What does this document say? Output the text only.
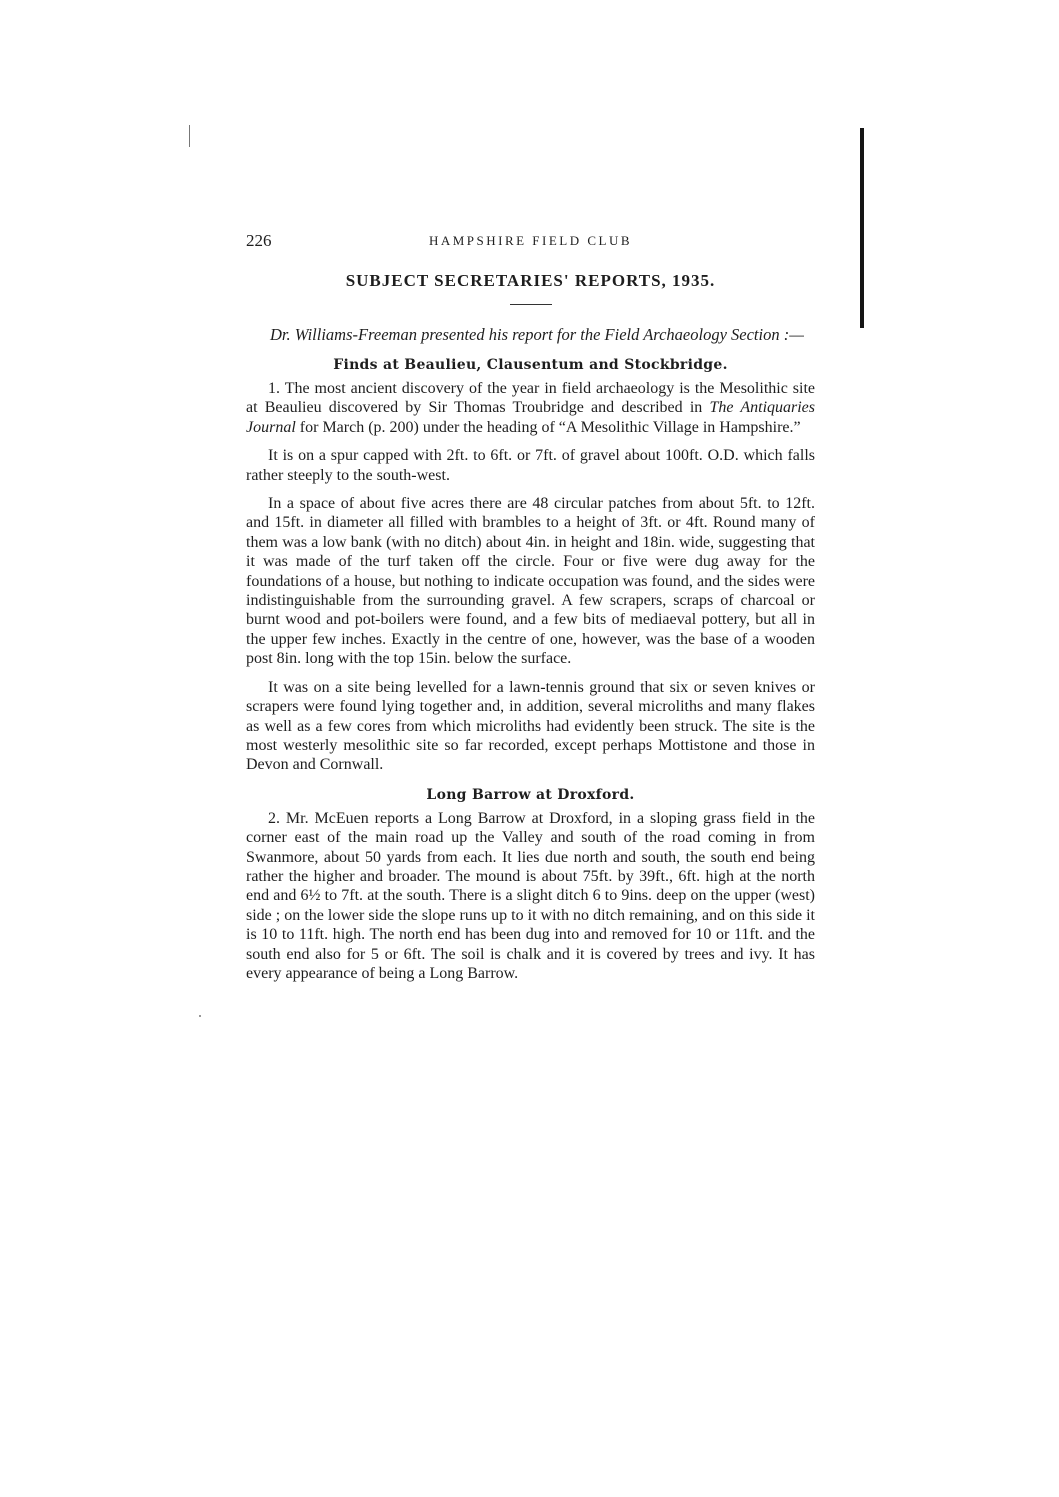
226	HAMPSHIRE FIELD CLUB
SUBJECT SECRETARIES' REPORTS, 1935.

Dr. Williams-Freeman presented his report for the Field Archaeology Section :—

Finds at Beaulieu, Clausentum and Stockbridge.

1. The most ancient discovery of the year in field archaeology is the Mesolithic site at Beaulieu discovered by Sir Thomas Troubridge and described in The Antiquaries Journal for March (p. 200) under the heading of “A Mesolithic Village in Hampshire.”

It is on a spur capped with 2ft. to 6ft. or 7ft. of gravel about 100ft. O.D. which falls rather steeply to the south-west.

In a space of about five acres there are 48 circular patches from about 5ft. to 12ft. and 15ft. in diameter all filled with brambles to a height of 3ft. or 4ft. Round many of them was a low bank (with no ditch) about 4in. in height and 18in. wide, suggesting that it was made of the turf taken off the circle. Four or five were dug away for the foundations of a house, but nothing to indicate occupation was found, and the sides were indistinguishable from the surrounding gravel. A few scrapers, scraps of charcoal or burnt wood and pot-boilers were found, and a few bits of mediaeval pottery, but all in the upper few inches. Exactly in the centre of one, however, was the base of a wooden post 8in. long with the top 15in. below the surface.

It was on a site being levelled for a lawn-tennis ground that six or seven knives or scrapers were found lying together and, in addition, several microliths and many flakes as well as a few cores from which microliths had evidently been struck. The site is the most westerly mesolithic site so far recorded, except perhaps Mottistone and those in Devon and Cornwall.

Long Barrow at Droxford.

2. Mr. McEuen reports a Long Barrow at Droxford, in a sloping grass field in the corner east of the main road up the Valley and south of the road coming in from Swanmore, about 50 yards from each. It lies due north and south, the south end being rather the higher and broader. The mound is about 75ft. by 39ft., 6ft. high at the north end and 6½ to 7ft. at the south. There is a slight ditch 6 to 9ins. deep on the upper (west) side ; on the lower side the slope runs up to it with no ditch remaining, and on this side it is 10 to 11ft. high. The north end has been dug into and removed for 10 or 11ft. and the south end also for 5 or 6ft. The soil is chalk and it is covered by trees and ivy. It has every appearance of being a Long Barrow.
